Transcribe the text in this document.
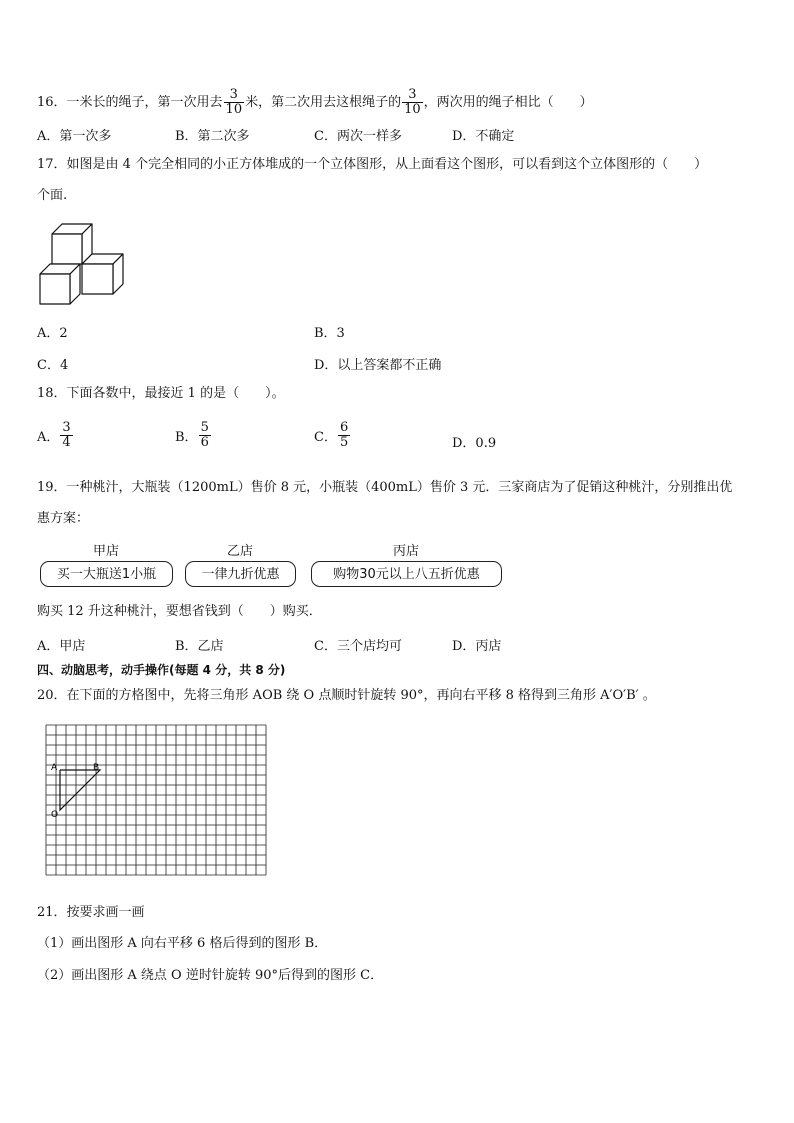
16．一米长的绳子，第一次用去 $\frac{3}{10}$ 米，第二次用去这根绳子的 $\frac{3}{10}$ ，两次用的绳子相比（　　）
A．第一次多	B．第二次多	C．两次一样多	D．不确定
17．如图是由 4 个完全相同的小正方体堆成的一个立体图形，从上面看这个图形，可以看到这个立体图形的（　　）
个面.
A．2	B．3
C．4	D．以上答案都不正确
18．下面各数中，最接近 1 的是（　　）。
A． $\frac{3}{4}$	B． $\frac{5}{6}$	C． $\frac{6}{5}$	D．0.9
19．一种桃汁，大瓶装（1200mL）售价 8 元，小瓶装（400mL）售价 3 元．三家商店为了促销这种桃汁，分别推出优
惠方案：
甲店
买一大瓶送1小瓶
乙店
一律九折优惠
丙店
购物30元以上八五折优惠
购买 12 升这种桃汁，要想省钱到（　　）购买．
A．甲店	B．乙店	C．三个店均可	D．丙店
四、动脑思考，动手操作(每题 4 分，共 8 分)
20．在下面的方格图中，先将三角形 AOB 绕 O 点顺时针旋转 90°，再向右平移 8 格得到三角形 A′O′B′ 。
A	B
O
21．按要求画一画
（1）画出图形 A 向右平移 6 格后得到的图形 B．
（2）画出图形 A 绕点 O 逆时针旋转 90°后得到的图形 C．
